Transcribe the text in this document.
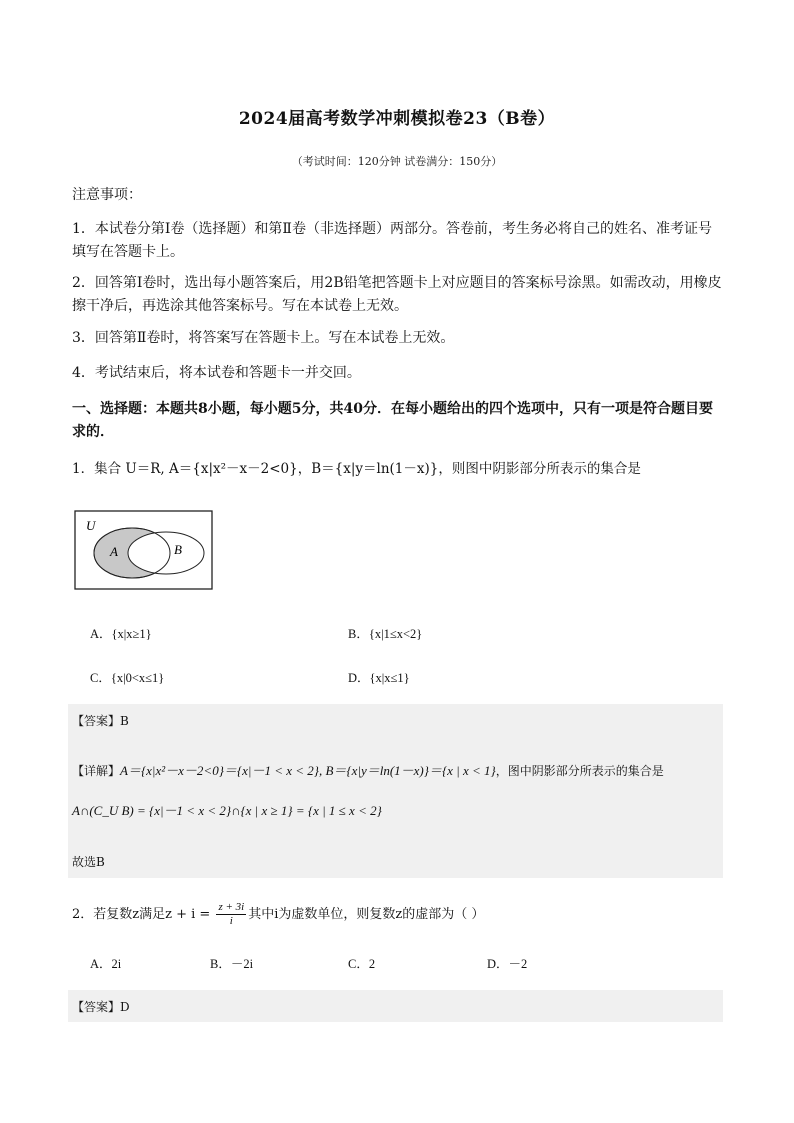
2024届高考数学冲刺模拟卷23（B卷）
（考试时间：120分钟 试卷满分：150分）
注意事项：
1．本试卷分第Ⅰ卷（选择题）和第Ⅱ卷（非选择题）两部分。答卷前，考生务必将自己的姓名、准考证号填写在答题卡上。
2．回答第Ⅰ卷时，选出每小题答案后，用2B铅笔把答题卡上对应题目的答案标号涂黑。如需改动，用橡皮擦干净后，再选涂其他答案标号。写在本试卷上无效。
3．回答第Ⅱ卷时，将答案写在答题卡上。写在本试卷上无效。
4．考试结束后，将本试卷和答题卡一并交回。
一、选择题：本题共8小题，每小题5分，共40分．在每小题给出的四个选项中，只有一项是符合题目要求的．
1．集合 U＝R, A＝{x|x²－x－2<0}，B＝{x|y＝ln(1－x)}，则图中阴影部分所表示的集合是
U
A	B
A．{x|x≥1}	B．{x|1≤x<2}
C．{x|0<x≤1}	D．{x|x≤1}
【答案】B
【详解】A＝{x|x²－x－2<0}＝{x|－1 < x < 2}, B＝{x|y＝ln(1－x)}＝{x | x < 1}，图中阴影部分所表示的集合是
A∩(C_U B) = {x|－1 < x < 2}∩{x | x ≥ 1} = {x | 1 ≤ x < 2}
故选B
2．若复数z满足$z + i = \frac{z + 3i}{i}$ 其中i为虚数单位，则复数z的虚部为（ ）
A．2i	B．－2i	C．2	D．－2
【答案】D
